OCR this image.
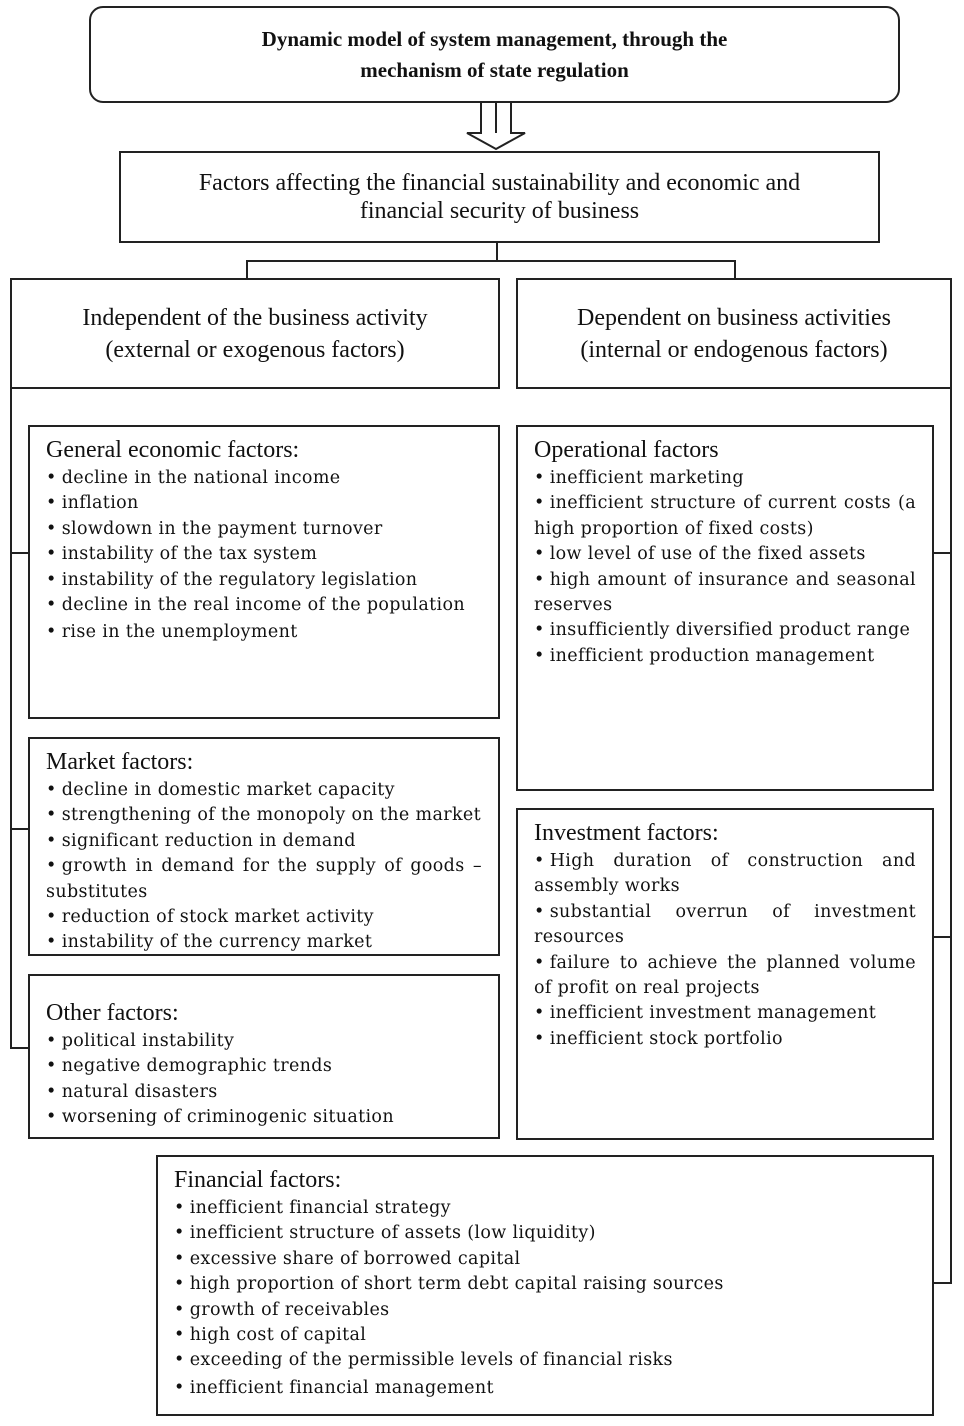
Dynamic model of system management, through the
mechanism of state regulation
Factors affecting the financial sustainability and economic and
financial security of business
Independent of the business activity
(external or exogenous factors)
Dependent on business activities
(internal or endogenous factors)
General economic factors:
• decline in the national income
• inflation
• slowdown in the payment turnover
• instability of the tax system
• instability of the regulatory legislation
• decline in the real income of the population
• rise in the unemployment
Market factors:
• decline in domestic market capacity
• strengthening of the monopoly on the market
• significant reduction in demand
• growth in demand for the supply of goods – substitutes
• reduction of stock market activity
• instability of the currency market
Other factors:
• political instability
• negative demographic trends
• natural disasters
• worsening of criminogenic situation
Operational factors
• inefficient marketing
• inefficient structure of current costs (a high proportion of fixed costs)
• low level of use of the fixed assets
• high amount of insurance and seasonal reserves
• insufficiently diversified product range
• inefficient production management
Investment factors:
• High duration of construction and assembly works
• substantial overrun of investment resources
• failure to achieve the planned volume of profit on real projects
• inefficient investment management
• inefficient stock portfolio
Financial factors:
• inefficient financial strategy
• inefficient structure of assets (low liquidity)
• excessive share of borrowed capital
• high proportion of short term debt capital raising sources
• growth of receivables
• high cost of capital
• exceeding of the permissible levels of financial risks
• inefficient financial management
